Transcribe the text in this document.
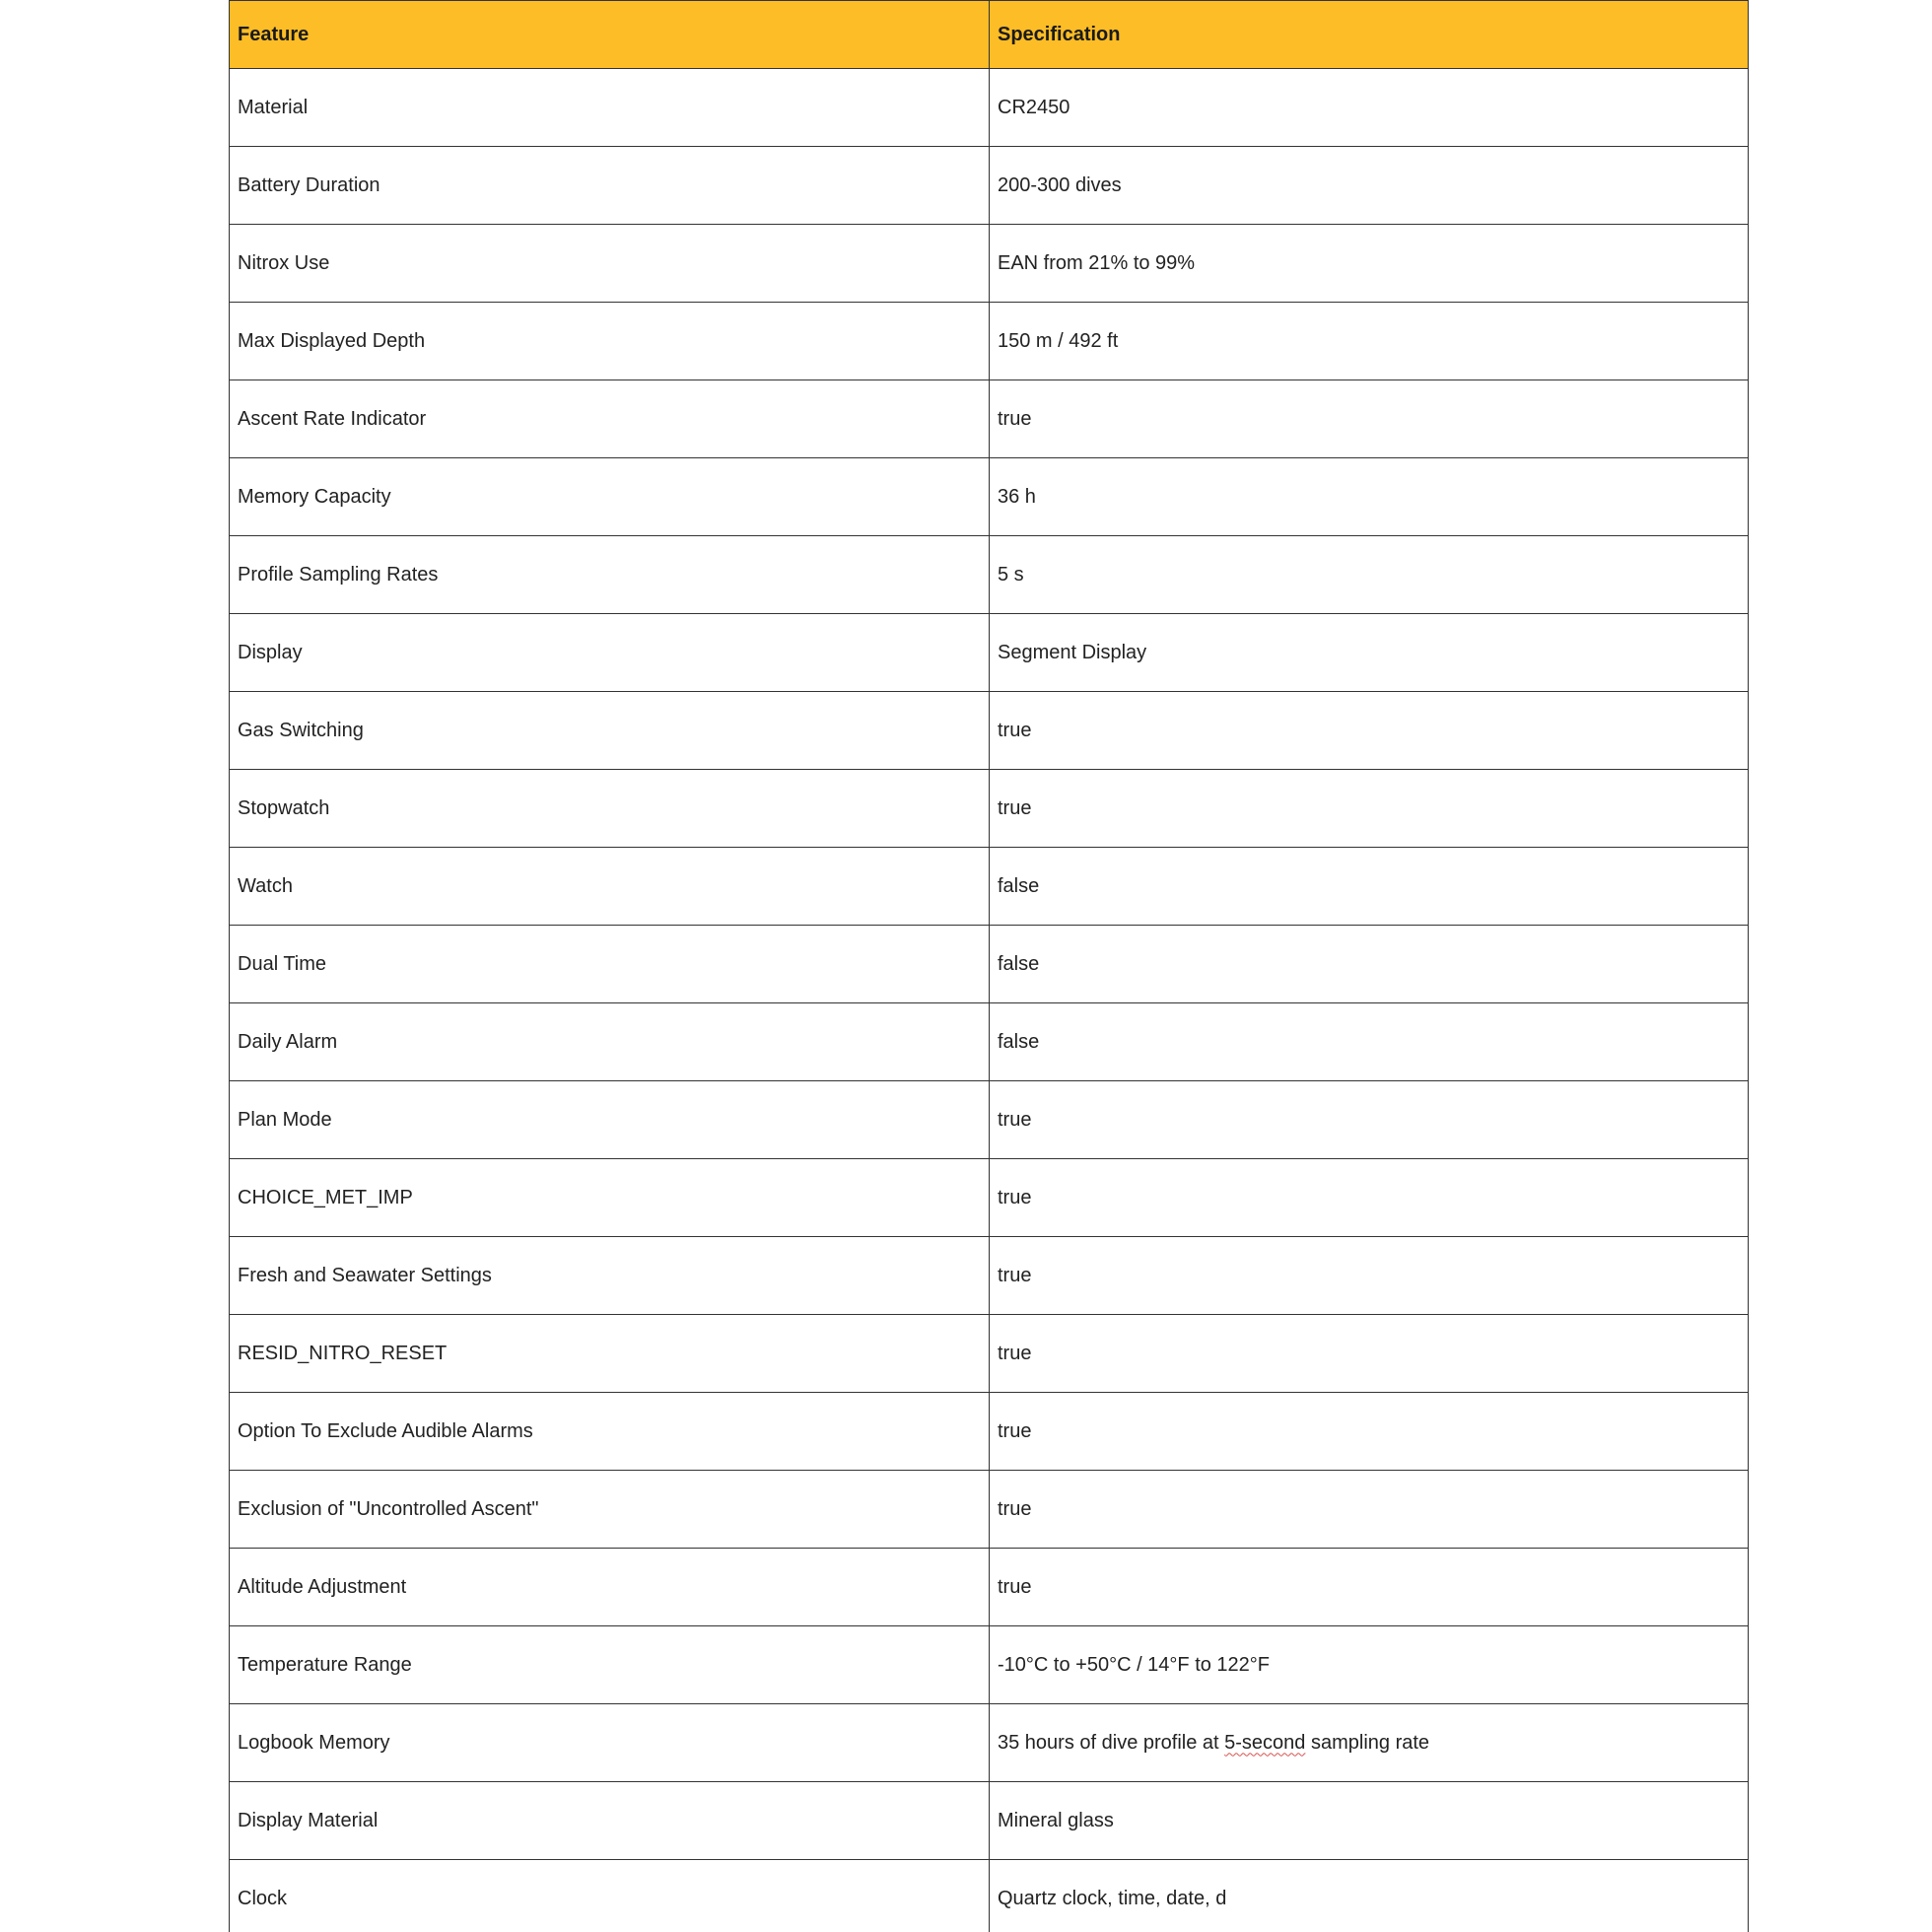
Feature	Specification
Material	CR2450
Battery Duration	200-300 dives
Nitrox Use	EAN from 21% to 99%
Max Displayed Depth	150 m / 492 ft
Ascent Rate Indicator	true
Memory Capacity	36 h
Profile Sampling Rates	5 s
Display	Segment Display
Gas Switching	true
Stopwatch	true
Watch	false
Dual Time	false
Daily Alarm	false
Plan Mode	true
CHOICE_MET_IMP	true
Fresh and Seawater Settings	true
RESID_NITRO_RESET	true
Option To Exclude Audible Alarms	true
Exclusion of "Uncontrolled Ascent"	true
Altitude Adjustment	true
Temperature Range	-10°C to +50°C / 14°F to 122°F
Logbook Memory	35 hours of dive profile at 5-second sampling rate
Display Material	Mineral glass
Clock	Quartz clock, time, date, d
